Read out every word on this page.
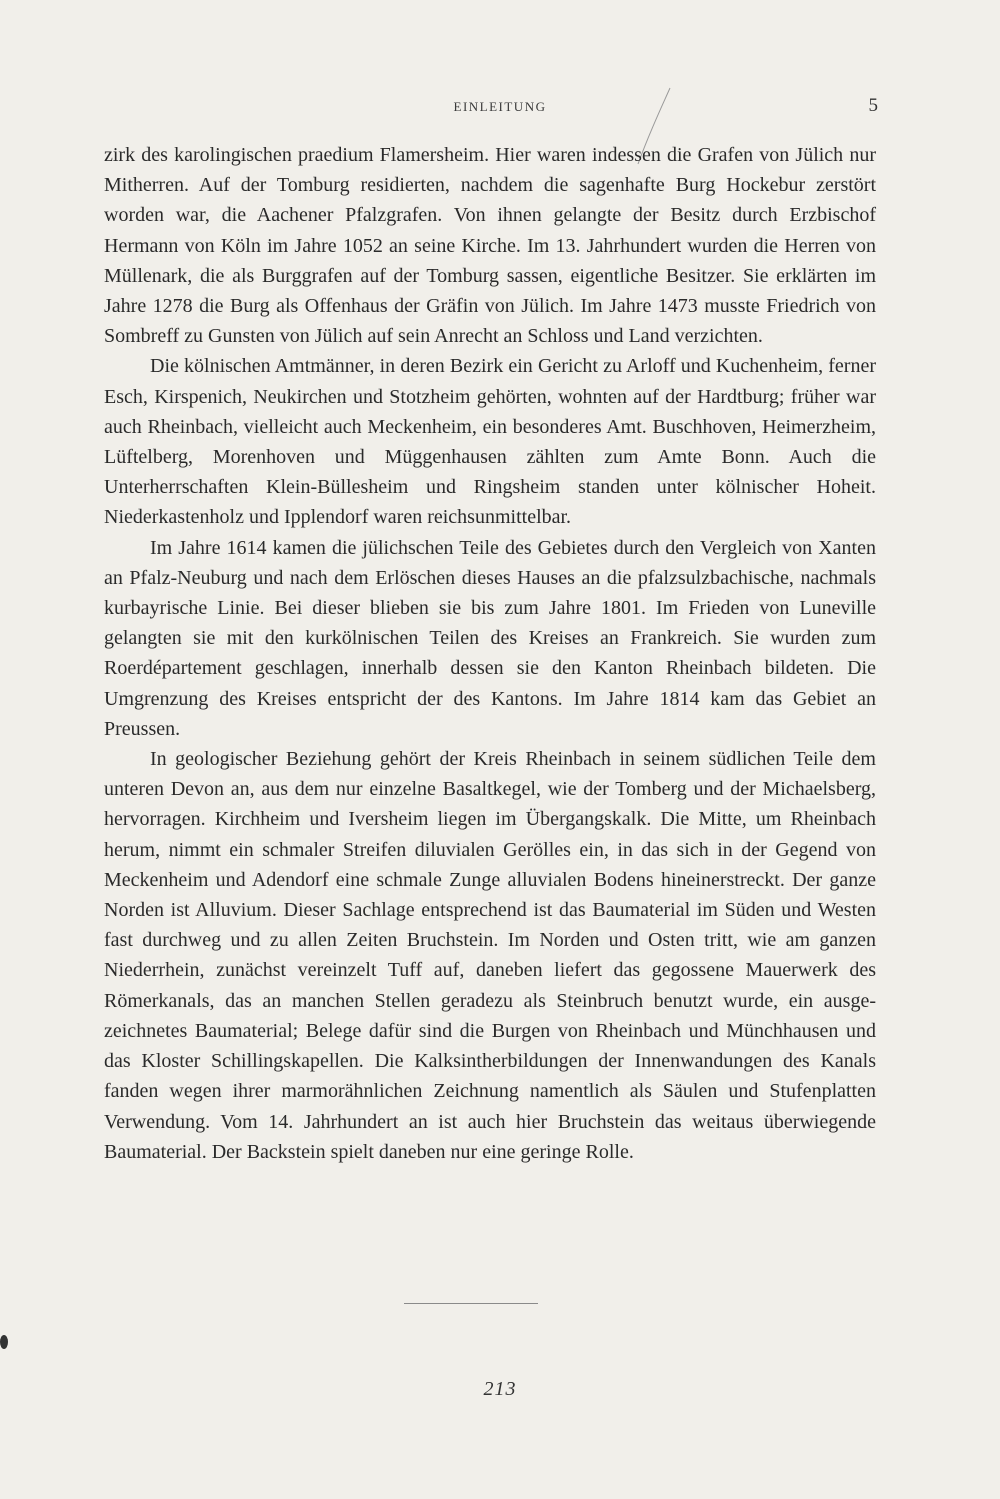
EINLEITUNG	5

zirk des karolingischen praedium Flamersheim. Hier waren indessen die Grafen von Jülich nur Mitherren. Auf der Tomburg residierten, nachdem die sagenhafte Burg Hockebur zerstört worden war, die Aachener Pfalzgrafen. Von ihnen gelangte der Besitz durch Erzbischof Hermann von Köln im Jahre 1052 an seine Kirche. Im 13. Jahrhundert wurden die Herren von Müllenark, die als Burggrafen auf der Tomburg sassen, eigentliche Besitzer. Sie erklärten im Jahre 1278 die Burg als Offenhaus der Gräfin von Jülich. Im Jahre 1473 musste Friedrich von Sombreff zu Gunsten von Jülich auf sein Anrecht an Schloss und Land verzichten.

Die kölnischen Amtmänner, in deren Bezirk ein Gericht zu Arloff und Kuchenheim, ferner Esch, Kirspenich, Neukirchen und Stotzheim gehörten, wohnten auf der Hardtburg; früher war auch Rheinbach, vielleicht auch Meckenheim, ein besonderes Amt. Buschhoven, Heimerzheim, Lüftelberg, Morenhoven und Müggenhausen zählten zum Amte Bonn. Auch die Unterherrschaften Klein-Büllesheim und Ringsheim standen unter kölnischer Hoheit. Niederkastenholz und Ipplendorf waren reichsunmittelbar.

Im Jahre 1614 kamen die jülichschen Teile des Gebietes durch den Vergleich von Xanten an Pfalz-Neuburg und nach dem Erlöschen dieses Hauses an die pfalzsulzbachische, nachmals kurbayrische Linie. Bei dieser blieben sie bis zum Jahre 1801. Im Frieden von Luneville gelangten sie mit den kurkölnischen Teilen des Kreises an Frankreich. Sie wurden zum Roerdépartement geschlagen, innerhalb dessen sie den Kanton Rheinbach bildeten. Die Umgrenzung des Kreises entspricht der des Kantons. Im Jahre 1814 kam das Gebiet an Preussen.

In geologischer Beziehung gehört der Kreis Rheinbach in seinem südlichen Teile dem unteren Devon an, aus dem nur einzelne Basaltkegel, wie der Tomberg und der Michaelsberg, hervorragen. Kirchheim und Iversheim liegen im Übergangskalk. Die Mitte, um Rheinbach herum, nimmt ein schmaler Streifen diluvialen Gerölles ein, in das sich in der Gegend von Meckenheim und Adendorf eine schmale Zunge alluvialen Bodens hineinerstreckt. Der ganze Norden ist Alluvium. Dieser Sachlage entsprechend ist das Baumaterial im Süden und Westen fast durchweg und zu allen Zeiten Bruchstein. Im Norden und Osten tritt, wie am ganzen Niederrhein, zunächst vereinzelt Tuff auf, daneben liefert das gegossene Mauerwerk des Römerkanals, das an manchen Stellen geradezu als Steinbruch benutzt wurde, ein ausgezeichnetes Baumaterial; Belege dafür sind die Burgen von Rheinbach und Münchhausen und das Kloster Schillingskapellen. Die Kalksintherbildungen der Innenwandungen des Kanals fanden wegen ihrer marmorähnlichen Zeichnung namentlich als Säulen und Stufenplatten Verwendung. Vom 14. Jahrhundert an ist auch hier Bruchstein das weitaus überwiegende Baumaterial. Der Backstein spielt daneben nur eine geringe Rolle.

213
